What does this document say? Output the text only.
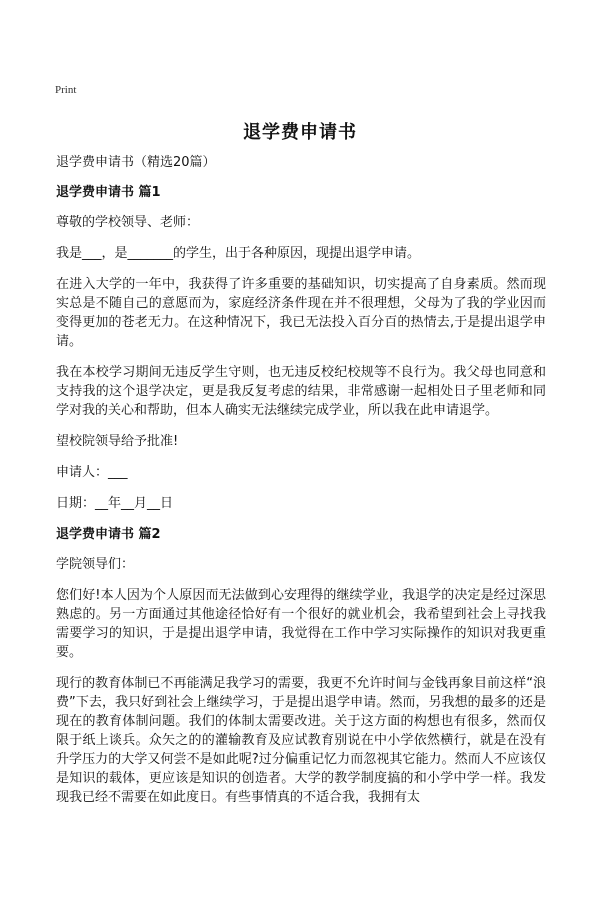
Print
退学费申请书
退学费申请书（精选20篇）
退学费申请书 篇1

尊敬的学校领导、老师：

我是___，是_______的学生，出于各种原因，现提出退学申请。

在进入大学的一年中，我获得了许多重要的基础知识，切实提高了自身素质。然而现实总是不随自己的意愿而为，家庭经济条件现在并不很理想，父母为了我的学业因而变得更加的苍老无力。在这种情况下，我已无法投入百分百的热情去,于是提出退学申请。

我在本校学习期间无违反学生守则，也无违反校纪校规等不良行为。我父母也同意和支持我的这个退学决定，更是我反复考虑的结果，非常感谢一起相处日子里老师和同学对我的关心和帮助，但本人确实无法继续完成学业，所以我在此申请退学。

望校院领导给予批准!

申请人：___

日期：__年__月__日

退学费申请书 篇2

学院领导们：

您们好!本人因为个人原因而无法做到心安理得的继续学业，我退学的决定是经过深思熟虑的。另一方面通过其他途径恰好有一个很好的就业机会，我希望到社会上寻找我需要学习的知识，于是提出退学申请，我觉得在工作中学习实际操作的知识对我更重要。

现行的教育体制已不再能满足我学习的需要，我更不允许时间与金钱再象目前这样“浪费”下去，我只好到社会上继续学习，于是提出退学申请。然而，另我想的最多的还是现在的教育体制问题。我们的体制太需要改进。关于这方面的构想也有很多，然而仅限于纸上谈兵。众矢之的的灌输教育及应试教育别说在中小学依然横行，就是在没有升学压力的大学又何尝不是如此呢?过分偏重记忆力而忽视其它能力。然而人不应该仅是知识的载体，更应该是知识的创造者。大学的教学制度搞的和小学中学一样。我发现我已经不需要在如此度日。有些事情真的不适合我，我拥有太
